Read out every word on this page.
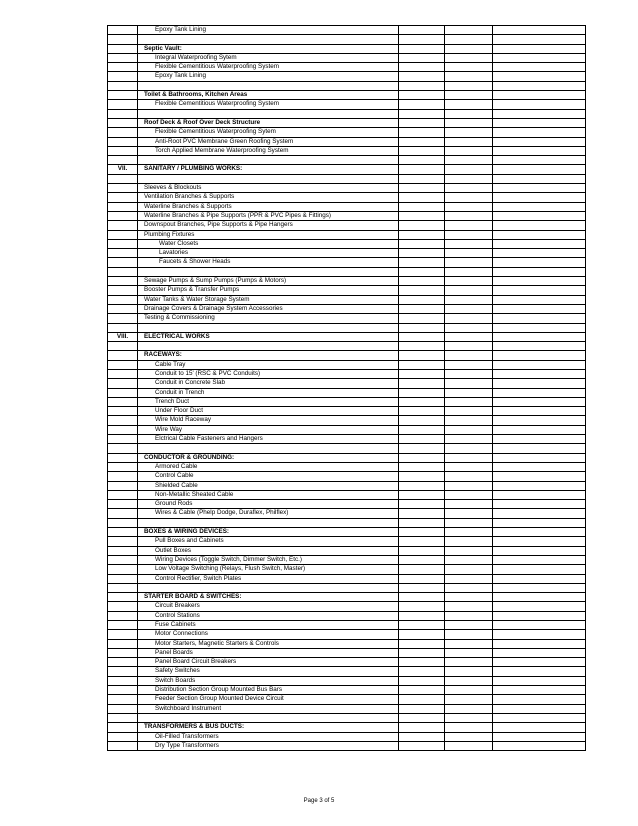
	Epoxy Tank Lining			

	Septic Vault:			
	Integral Waterproofing Sytem			
	Flexible Cementitious Waterproofing System			
	Epoxy Tank Lining			

	Toilet & Bathrooms, Kitchen Areas			
	Flexible Cementitious Waterproofing System			

	Roof Deck & Roof Over Deck Structure			
	Flexible Cementitious Waterproofing Sytem			
	Anti-Root PVC Membrane Green Roofing System			
	Torch Applied Membrane Waterproofing System			

VII.	SANITARY / PLUMBING WORKS:			

	Sleeves & Blockouts			
	Ventilation Branches & Supports			
	Waterline Branches & Supports			
	Waterline Branches & Pipe Supports (PPR & PVC Pipes & Fittings)			
	Downspout Branches, Pipe Supports & Pipe Hangers			
	Plumbing Fixtures			
	Water Closets			
	Lavatories			
	Faucets & Shower Heads			

	Sewage Pumps & Sump Pumps (Pumps & Motors)			
	Booster Pumps & Transfer Pumps			
	Water Tanks & Water Storage System			
	Drainage Covers & Drainage System Accessories			
	Testing & Commissioning			

VIII.	ELECTRICAL WORKS			

	RACEWAYS:			
	Cable Tray			
	Conduit to 15' (RSC & PVC Conduits)			
	Conduit in Concrete Slab			
	Conduit in Trench			
	Trench Duct			
	Under Floor Duct			
	Wire Mold Raceway			
	Wire Way			
	Elctrical Cable Fasteners and Hangers			

	CONDUCTOR & GROUNDING:			
	Armored Cable			
	Control Cable			
	Shielded Cable			
	Non-Metallic Sheated Cable			
	Ground Rods			
	Wires & Cable (Phelp Dodge, Duraflex, Philflex)			

	BOXES & WIRING DEVICES:			
	Pull Boxes and Cabinets			
	Outlet Boxes			
	Wiring Devices (Toggle Switch, Dimmer Switch, Etc.)			
	Low Voltage Switching (Relays, Flush Switch, Master)			
	Control Rectifier, Switch Plates			

	STARTER BOARD & SWITCHES:			
	Circuit Breakers			
	Control Stations			
	Fuse Cabinets			
	Motor Connections			
	Motor Starters, Magnetic Starters & Controls			
	Panel Boards			
	Panel Board Circuit Breakers			
	Safety Switches			
	Switch Boards			
	Distribution Section Group Mounted Bus Bars			
	Feeder Section Group Mounted Device Circuit			
	Switchboard Instrument			

	TRANSFORMERS & BUS DUCTS:			
	Oil-Filled Transformers			
	Dry Type Transformers			
Page 3 of 5
